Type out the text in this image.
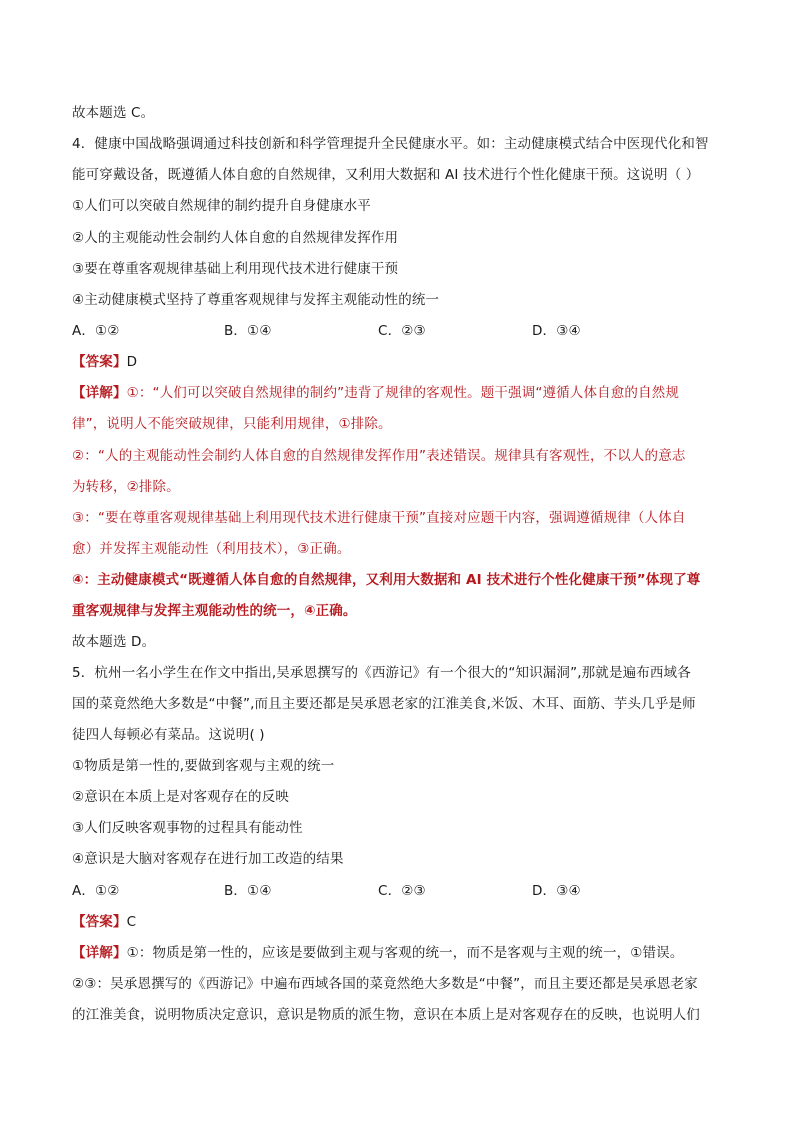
故本题选 C。
4．健康中国战略强调通过科技创新和科学管理提升全民健康水平。如：主动健康模式结合中医现代化和智
能可穿戴设备，既遵循人体自愈的自然规律，又利用大数据和 AI 技术进行个性化健康干预。这说明（ ）
①人们可以突破自然规律的制约提升自身健康水平
②人的主观能动性会制约人体自愈的自然规律发挥作用
③要在尊重客观规律基础上利用现代技术进行健康干预
④主动健康模式坚持了尊重客观规律与发挥主观能动性的统一
A．①②	B．①④	C．②③	D．③④
【答案】D
【详解】①：“人们可以突破自然规律的制约”违背了规律的客观性。题干强调“遵循人体自愈的自然规
律”，说明人不能突破规律，只能利用规律，①排除。
②：“人的主观能动性会制约人体自愈的自然规律发挥作用”表述错误。规律具有客观性，不以人的意志
为转移，②排除。
③：“要在尊重客观规律基础上利用现代技术进行健康干预”直接对应题干内容，强调遵循规律（人体自
愈）并发挥主观能动性（利用技术），③正确。
④：主动健康模式“既遵循人体自愈的自然规律，又利用大数据和 AI 技术进行个性化健康干预”体现了尊
重客观规律与发挥主观能动性的统一，④正确。
故本题选 D。
5．杭州一名小学生在作文中指出,吴承恩撰写的《西游记》有一个很大的“知识漏洞”,那就是遍布西域各
国的菜竟然绝大多数是“中餐”,而且主要还都是吴承恩老家的江淮美食,米饭、木耳、面筋、芋头几乎是师
徒四人每顿必有菜品。这说明( )
①物质是第一性的,要做到客观与主观的统一
②意识在本质上是对客观存在的反映
③人们反映客观事物的过程具有能动性
④意识是大脑对客观存在进行加工改造的结果
A．①②	B．①④	C．②③	D．③④
【答案】C
【详解】①：物质是第一性的，应该是要做到主观与客观的统一，而不是客观与主观的统一，①错误。
②③：吴承恩撰写的《西游记》中遍布西域各国的菜竟然绝大多数是“中餐”，而且主要还都是吴承恩老家
的江淮美食，说明物质决定意识，意识是物质的派生物，意识在本质上是对客观存在的反映，也说明人们
